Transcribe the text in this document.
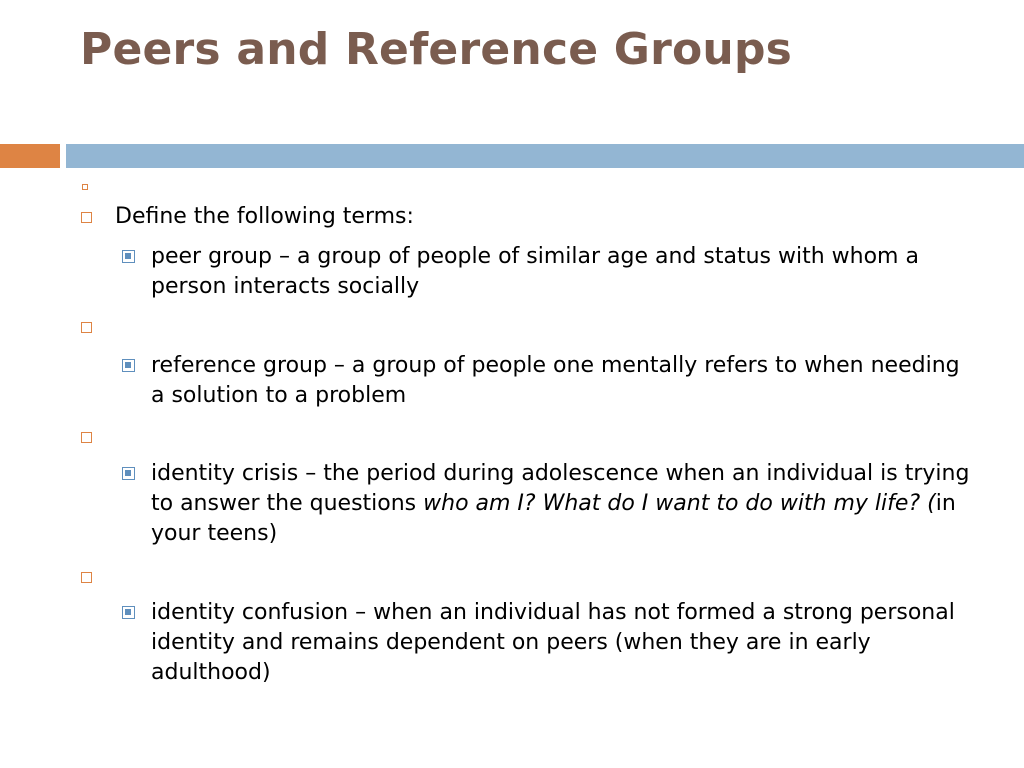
Peers and Reference Groups
Define the following terms:
peer group – a group of people of similar age and status with whom a person interacts socially
reference group – a group of people one mentally refers to when needing a solution to a problem
identity crisis – the period during adolescence when an individual is trying to answer the questions who am I? What do I want to do with my life? (in your teens)
identity confusion – when an individual has not formed a strong personal identity and remains dependent on peers (when they are in early adulthood)
